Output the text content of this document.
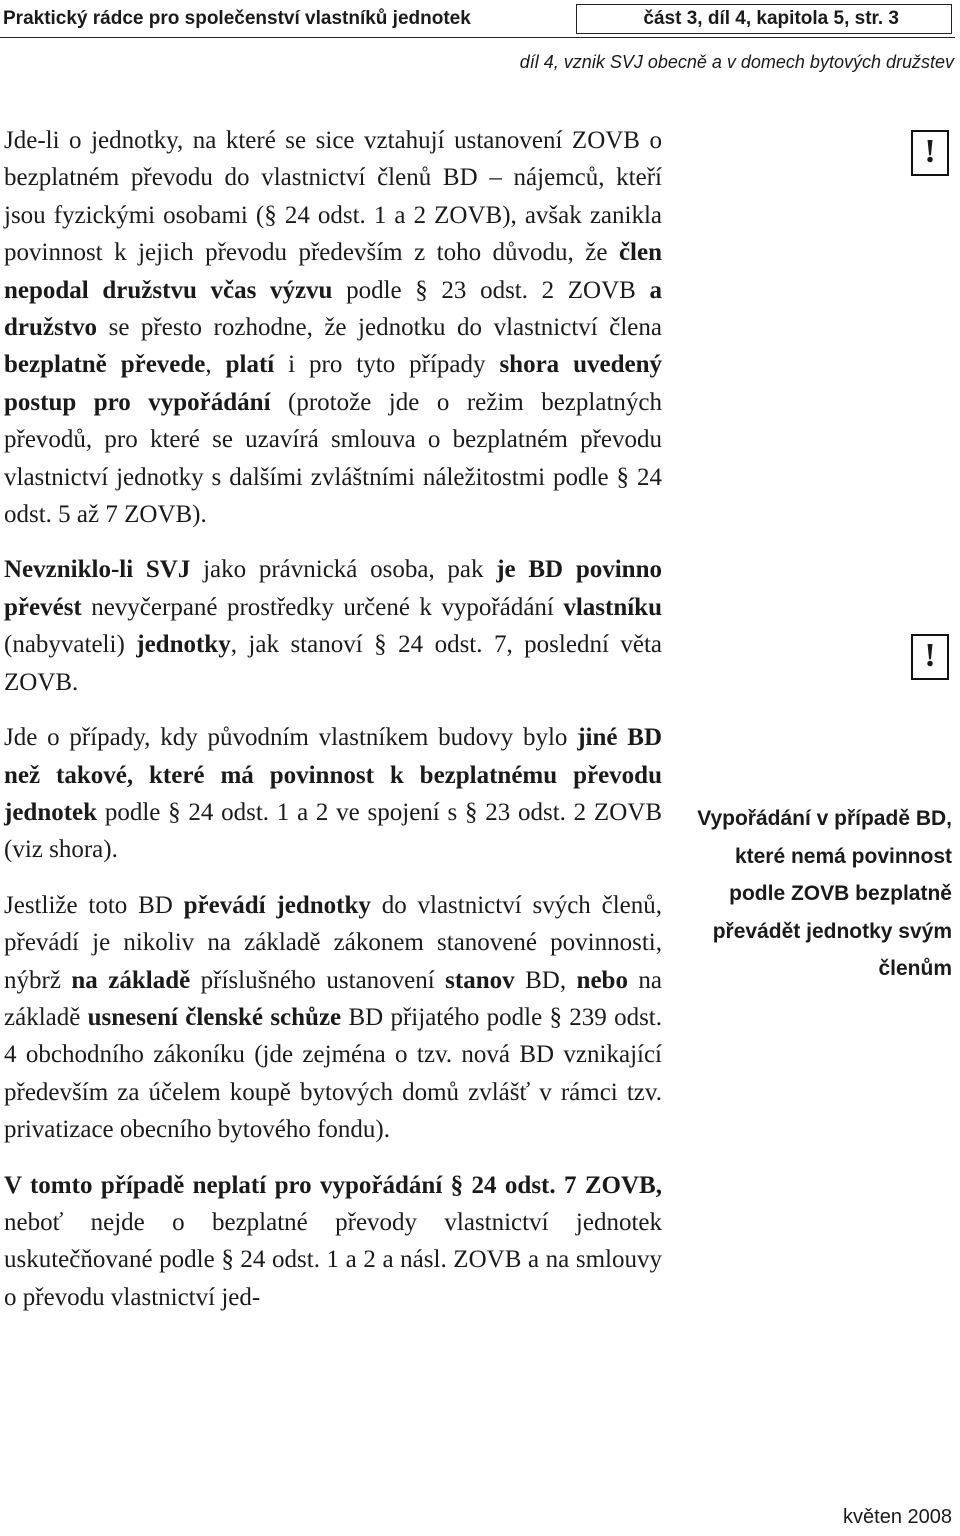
Praktický rádce pro společenství vlastníků jednotek	část 3, díl 4, kapitola 5, str. 3
díl 4, vznik SVJ obecně a v domech bytových družstev

Jde-li o jednotky, na které se sice vztahují ustanovení ZOVB o bezplatném převodu do vlastnictví členů BD – nájemců, kteří jsou fyzickými osobami (§ 24 odst. 1 a 2 ZOVB), avšak zanikla povinnost k jejich převodu především z toho důvodu, že člen nepodal družstvu včas výzvu podle § 23 odst. 2 ZOVB a družstvo se přesto rozhodne, že jednotku do vlastnictví člena bezplatně převede, platí i pro tyto případy shora uvedený postup pro vypořádání (protože jde o režim bezplatných převodů, pro které se uzavírá smlouva o bezplatném převodu vlastnictví jednotky s dalšími zvláštními náležitostmi podle § 24 odst. 5 až 7 ZOVB).

Nevzniklo-li SVJ jako právnická osoba, pak je BD povinno převést nevyčerpané prostředky určené k vypořádání vlastníku (nabyvateli) jednotky, jak stanoví § 24 odst. 7, poslední věta ZOVB.

Jde o případy, kdy původním vlastníkem budovy bylo jiné BD než takové, které má povinnost k bezplatnému převodu jednotek podle § 24 odst. 1 a 2 ve spojení s § 23 odst. 2 ZOVB (viz shora).

Jestliže toto BD převádí jednotky do vlastnictví svých členů, převádí je nikoliv na základě zákonem stanovené povinnosti, nýbrž na základě příslušného ustanovení stanov BD, nebo na základě usnesení členské schůze BD přijatého podle § 239 odst. 4 obchodního zákoníku (jde zejména o tzv. nová BD vznikající především za účelem koupě bytových domů zvlášť v rámci tzv. privatizace obecního bytového fondu).

V tomto případě neplatí pro vypořádání § 24 odst. 7 ZOVB, neboť nejde o bezplatné převody vlastnictví jednotek uskutečňované podle § 24 odst. 1 a 2 a násl. ZOVB a na smlouvy o převodu vlastnictví jed-

!
!
Vypořádání v případě BD, které nemá povinnost podle ZOVB bezplatně převádět jednotky svým členům
květen 2008
